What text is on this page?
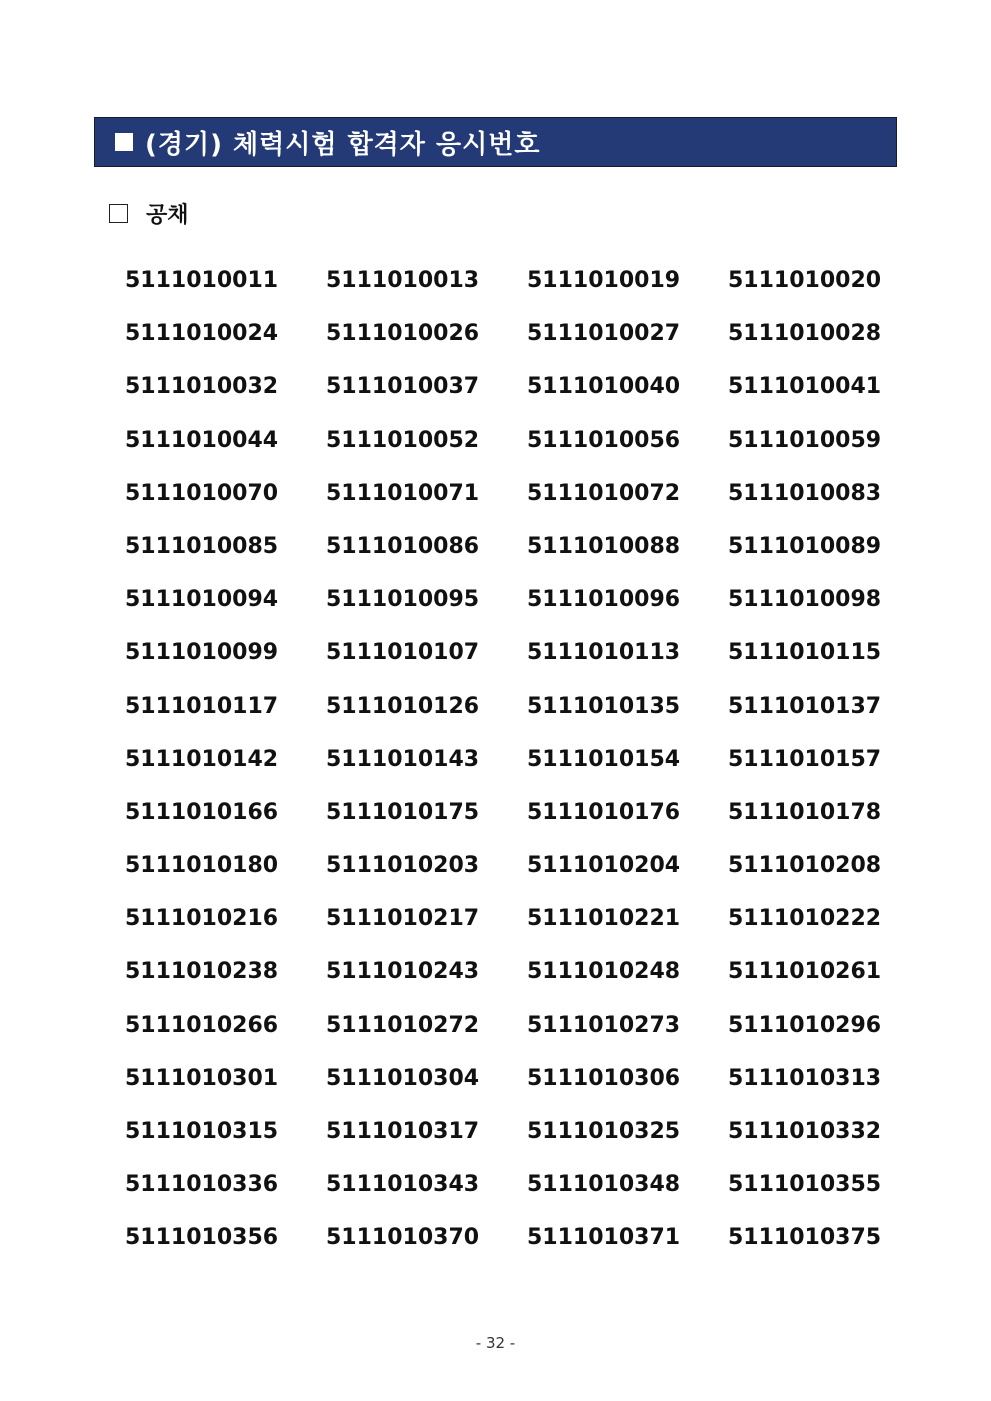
(경기) 체력시험 합격자 응시번호
공채
5111010011	5111010013	5111010019	5111010020
5111010024	5111010026	5111010027	5111010028
5111010032	5111010037	5111010040	5111010041
5111010044	5111010052	5111010056	5111010059
5111010070	5111010071	5111010072	5111010083
5111010085	5111010086	5111010088	5111010089
5111010094	5111010095	5111010096	5111010098
5111010099	5111010107	5111010113	5111010115
5111010117	5111010126	5111010135	5111010137
5111010142	5111010143	5111010154	5111010157
5111010166	5111010175	5111010176	5111010178
5111010180	5111010203	5111010204	5111010208
5111010216	5111010217	5111010221	5111010222
5111010238	5111010243	5111010248	5111010261
5111010266	5111010272	5111010273	5111010296
5111010301	5111010304	5111010306	5111010313
5111010315	5111010317	5111010325	5111010332
5111010336	5111010343	5111010348	5111010355
5111010356	5111010370	5111010371	5111010375
- 32 -
